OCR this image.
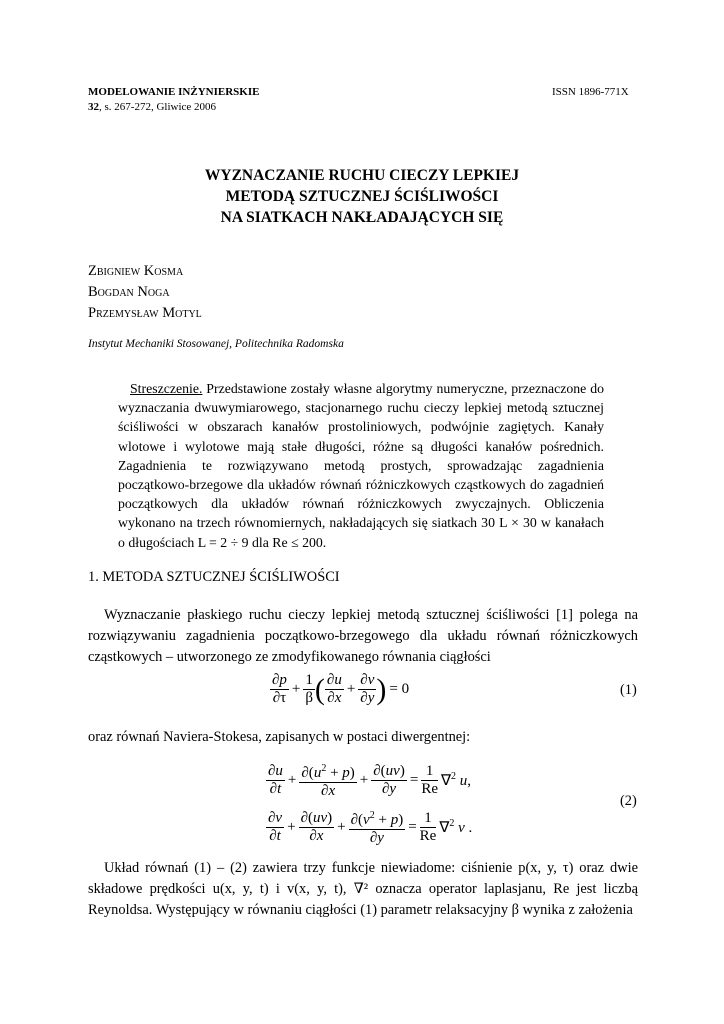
MODELOWANIE INŻYNIERSKIE	ISSN 1896-771X
32, s. 267-272, Gliwice 2006
WYZNACZANIE RUCHU CIECZY LEPKIEJ
METODĄ SZTUCZNEJ ŚCIŚLIWOŚCI
NA SIATKACH NAKŁADAJĄCYCH SIĘ
Zbigniew Kosma
Bogdan Noga
Przemysław Motyl
Instytut Mechaniki Stosowanej, Politechnika Radomska
Streszczenie. Przedstawione zostały własne algorytmy numeryczne, przeznaczone do wyznaczania dwuwymiarowego, stacjonarnego ruchu cieczy lepkiej metodą sztucznej ściśliwości w obszarach kanałów prostoliniowych, podwójnie zagiętych. Kanały wlotowe i wylotowe mają stałe długości, różne są długości kanałów pośrednich. Zagadnienia te rozwiązywano metodą prostych, sprowadzając zagadnienia początkowo-brzegowe dla układów równań różniczkowych cząstkowych do zagadnień początkowych dla układów równań różniczkowych zwyczajnych. Obliczenia wykonano na trzech równomiernych, nakładających się siatkach 30 L × 30 w kanałach o długościach L = 2 ÷ 9 dla Re ≤ 200.
1. METODA SZTUCZNEJ ŚCIŚLIWOŚCI
Wyznaczanie płaskiego ruchu cieczy lepkiej metodą sztucznej ściśliwości [1] polega na rozwiązywaniu zagadnienia początkowo-brzegowego dla układu równań różniczkowych cząstkowych – utworzonego ze zmodyfikowanego równania ciągłości
$\frac{\partial p}{\partial\tau} + \frac{1}{\beta}$ ( $\frac{\partial u}{\partial x} + \frac{\partial v}{\partial y}$ ) = 0	(1)
oraz równań Naviera-Stokesa, zapisanych w postaci diwergentnej:
$\frac{\partial u}{\partial t} + \frac{\partial(u^2 + p)}{\partial x} + \frac{\partial(uv)}{\partial y} = \frac{1}{Re} \nabla^2$ u,
$\frac{\partial v}{\partial t} + \frac{\partial(uv)}{\partial x} + \frac{\partial(v^2 + p)}{\partial y} = \frac{1}{Re} \nabla^2$ v .
(2)
Układ równań (1) – (2) zawiera trzy funkcje niewiadome: ciśnienie p(x, y, τ) oraz dwie składowe prędkości u(x, y, t) i v(x, y, t), ∇² oznacza operator laplasjanu, Re jest liczbą Reynoldsa. Występujący w równaniu ciągłości (1) parametr relaksacyjny β wynika z założenia
